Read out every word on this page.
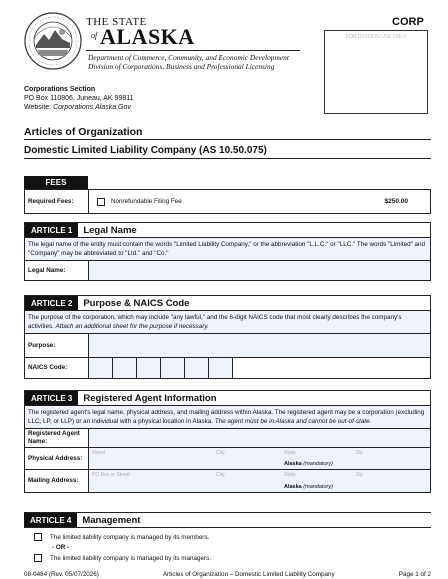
THE STATE
of ALASKA
Department of Commerce, Community, and Economic Development
Division of Corporations, Business and Professional Licensing
CORP
FOR DIVISION USE ONLY
Corporations Section
PO Box 110806, Juneau, AK 99811
Website: Corporations.Alaska.Gov
Articles of Organization
Domestic Limited Liability Company (AS 10.50.075)
FEES
Required Fees:	Nonrefundable Filing Fee	$250.00
ARTICLE 1	Legal Name
The legal name of the entity must contain the words "Limited Liability Company," or the abbreviation "L.L.C." or "LLC." The words "Limited" and "Company" may be abbreviated to "Ltd." and "Co."
Legal Name:
ARTICLE 2	Purpose & NAICS Code
The purpose of the corporation, which may include "any lawful," and the 6-digit NAICS code that most clearly describes the company's activities. Attach an additional sheet for the purpose if necessary.
Purpose:
NAICS Code:
ARTICLE 3	Registered Agent Information
The registered agent's legal name, physical address, and mailing address within Alaska. The registered agent may be a corporation (excluding LLC, LP, or LLP) or an individual with a physical location in Alaska. The agent must be in Alaska and cannot be out-of-state.
Registered Agent Name:
Physical Address:
Street	City	State
Alaska (mandatory)
Zip
Mailing Address:
PO Box or Street	City	State
Alaska (mandatory)
Zip
ARTICLE 4	Management
The limited liability company is managed by its members.
- OR -
The limited liability company is managed by its managers.
08-0484 (Rev. 05/07/2026)	Articles of Organization – Domestic Limited Liability Company	Page 1 of 2
